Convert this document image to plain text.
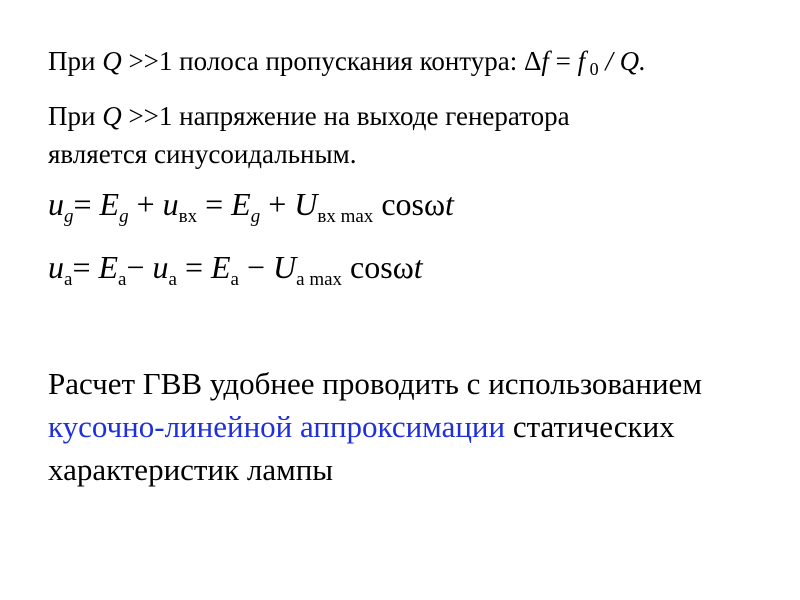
При Q >>1 полоса пропускания контура: Δf = f $_0$ / Q.
При Q >>1 напряжение на выходе генератора
является синусоидальным.
$u_g= E_g + u_{вх} = E_g + U_{вх max}$ cosωt
$u_a= E_a- u_a = E_a - U_{a max}$ cosωt
Расчет ГВВ удобнее проводить с использованием кусочно-линейной аппроксимации статических характеристик лампы
